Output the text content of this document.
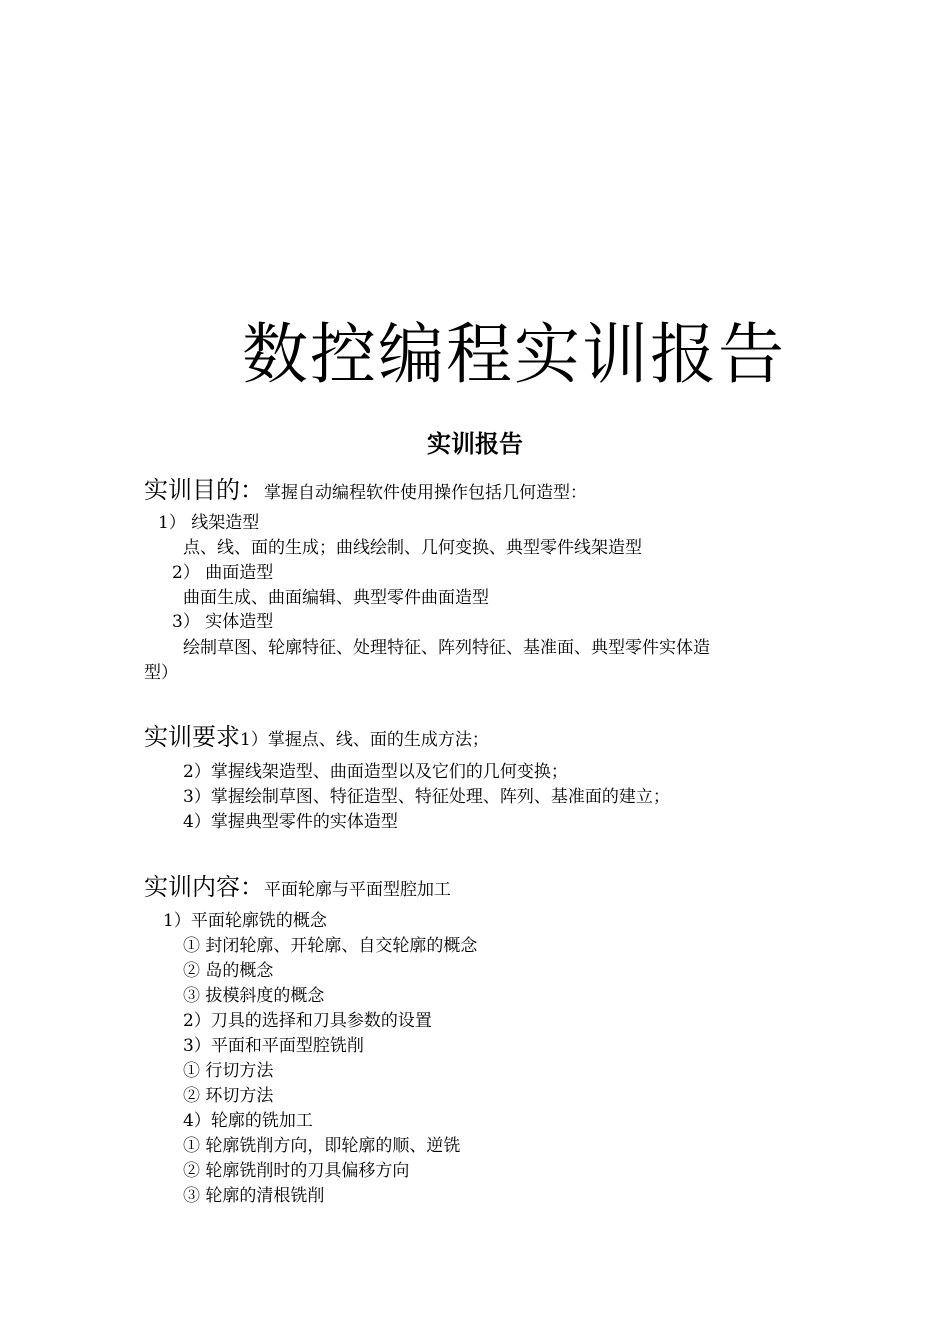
数控编程实训报告
实训报告
实训目的：掌握自动编程软件使用操作包括几何造型：
1） 线架造型
点、线、面的生成；曲线绘制、几何变换、典型零件线架造型
2） 曲面造型
曲面生成、曲面编辑、典型零件曲面造型
3） 实体造型
绘制草图、轮廓特征、处理特征、阵列特征、基准面、典型零件实体造
型）
实训要求1）掌握点、线、面的生成方法；
2）掌握线架造型、曲面造型以及它们的几何变换；
3）掌握绘制草图、特征造型、特征处理、阵列、基准面的建立；
4）掌握典型零件的实体造型
实训内容：平面轮廓与平面型腔加工
1）平面轮廓铣的概念
① 封闭轮廓、开轮廓、自交轮廓的概念
② 岛的概念
③ 拔模斜度的概念
2）刀具的选择和刀具参数的设置
3）平面和平面型腔铣削
① 行切方法
② 环切方法
4）轮廓的铣加工
① 轮廓铣削方向，即轮廓的顺、逆铣
② 轮廓铣削时的刀具偏移方向
③ 轮廓的清根铣削
